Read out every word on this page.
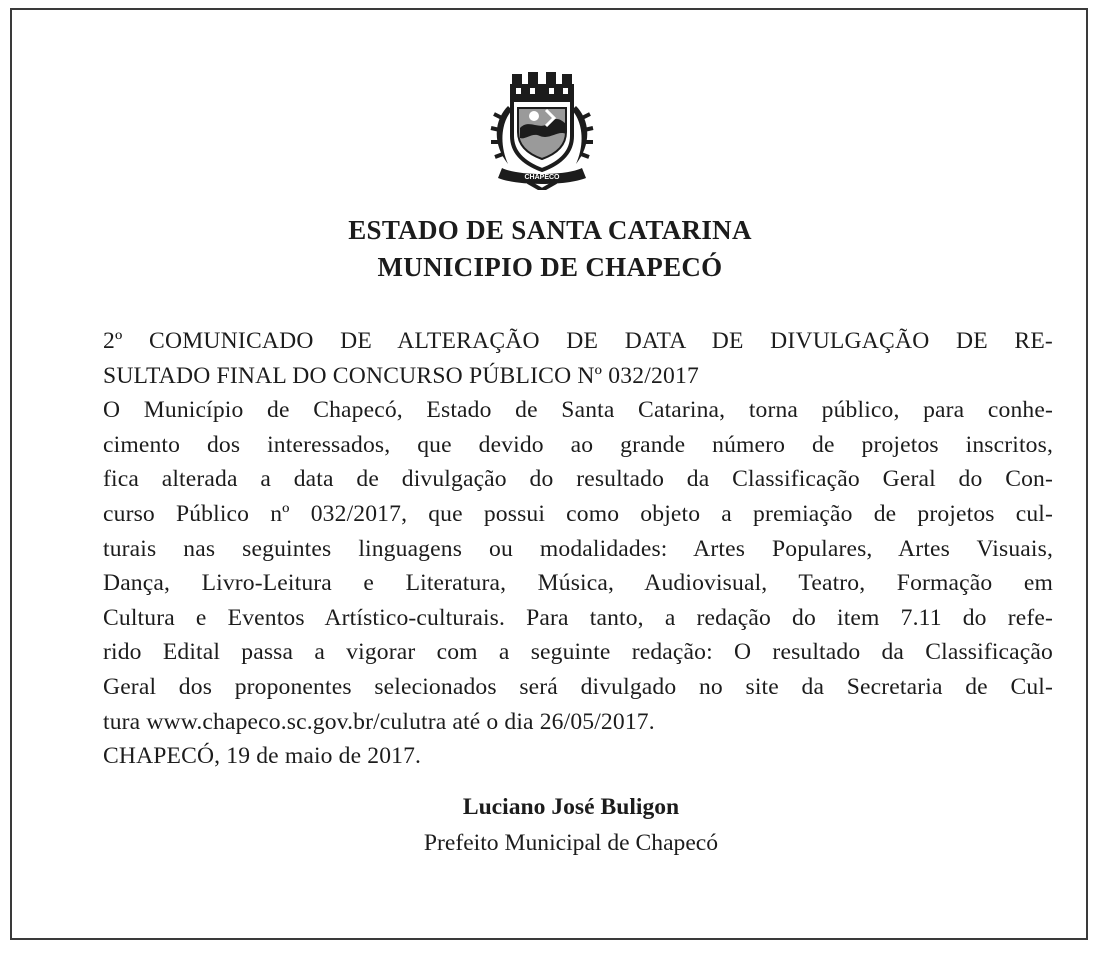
CHAPECÓ
ESTADO DE SANTA CATARINA
MUNICIPIO DE CHAPECÓ
2º COMUNICADO DE ALTERAÇÃO DE DATA DE DIVULGAÇÃO DE RE-
SULTADO FINAL DO CONCURSO PÚBLICO Nº 032/2017
O Município de Chapecó, Estado de Santa Catarina, torna público, para conhe-
cimento dos interessados, que devido ao grande número de projetos inscritos,
fica alterada a data de divulgação do resultado da Classificação Geral do Con-
curso Público nº 032/2017, que possui como objeto a premiação de projetos cul-
turais nas seguintes linguagens ou modalidades: Artes Populares, Artes Visuais,
Dança, Livro-Leitura e Literatura, Música, Audiovisual, Teatro, Formação em
Cultura e Eventos Artístico-culturais. Para tanto, a redação do item 7.11 do refe-
rido Edital passa a vigorar com a seguinte redação: O resultado da Classificação
Geral dos proponentes selecionados será divulgado no site da Secretaria de Cul-
tura www.chapeco.sc.gov.br/culutra até o dia 26/05/2017.
CHAPECÓ, 19 de maio de 2017.
Luciano José Buligon
Prefeito Municipal de Chapecó
